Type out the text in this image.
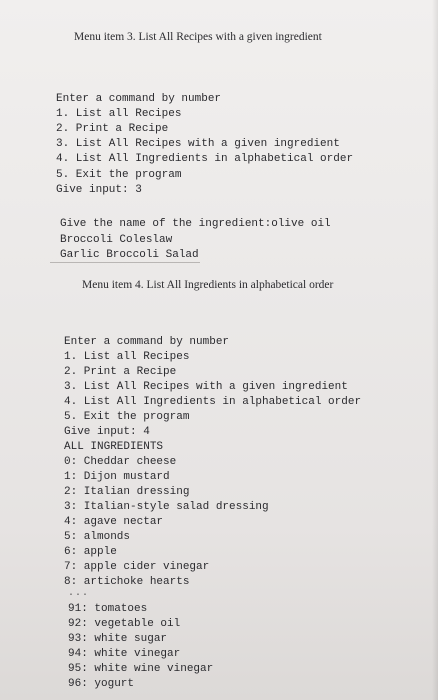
Menu item 3. List All Recipes with a given ingredient
Enter a command by number
1. List all Recipes
2. Print a Recipe
3. List All Recipes with a given ingredient
4. List All Ingredients in alphabetical order
5. Exit the program
Give input: 3
Give the name of the ingredient:olive oil
Broccoli Coleslaw
Garlic Broccoli Salad
Menu item 4. List All Ingredients in alphabetical order
Enter a command by number
1. List all Recipes
2. Print a Recipe
3. List All Recipes with a given ingredient
4. List All Ingredients in alphabetical order
5. Exit the program
Give input: 4
ALL INGREDIENTS
0: Cheddar cheese
1: Dijon mustard
2: Italian dressing
3: Italian-style salad dressing
4: agave nectar
5: almonds
6: apple
7: apple cider vinegar
8: artichoke hearts
...
91: tomatoes
92: vegetable oil
93: white sugar
94: white vinegar
95: white wine vinegar
96: yogurt
